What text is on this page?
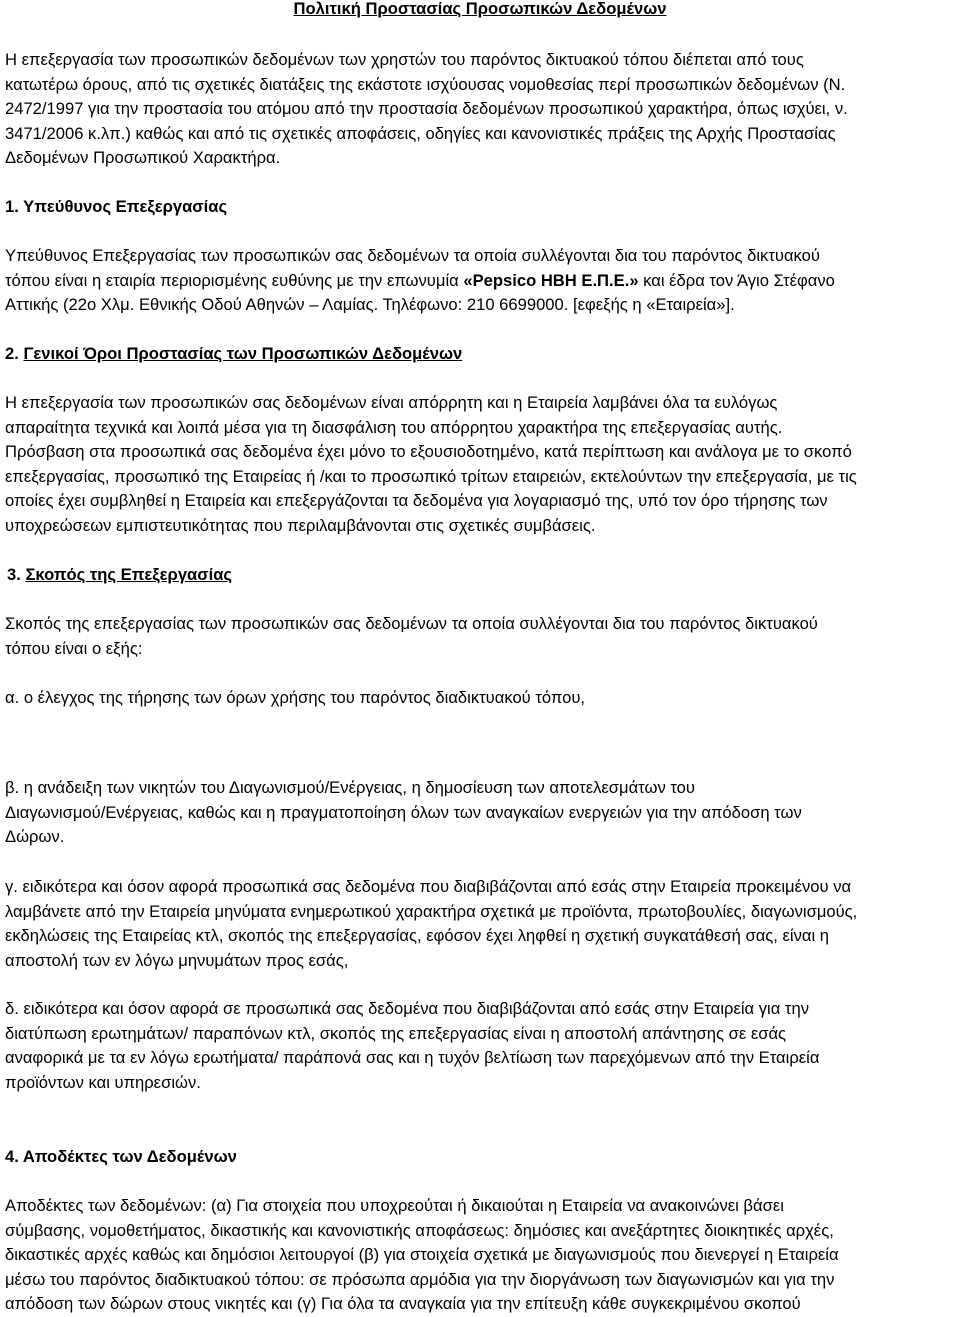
Πολιτική Προστασίας Προσωπικών Δεδομένων

Η επεξεργασία των προσωπικών δεδομένων των χρηστών του παρόντος δικτυακού τόπου διέπεται από τους
κατωτέρω όρους, από τις σχετικές διατάξεις της εκάστοτε ισχύουσας νομοθεσίας περί προσωπικών δεδομένων (Ν.
2472/1997 για την προστασία του ατόμου από την προστασία δεδομένων προσωπικού χαρακτήρα, όπως ισχύει, ν.
3471/2006 κ.λπ.) καθώς και από τις σχετικές αποφάσεις, οδηγίες και κανονιστικές πράξεις της Αρχής Προστασίας
Δεδομένων Προσωπικού Χαρακτήρα.

1. Υπεύθυνος Επεξεργασίας

Υπεύθυνος Επεξεργασίας των προσωπικών σας δεδομένων τα οποία συλλέγονται δια του παρόντος δικτυακού
τόπου είναι η εταιρία περιορισμένης ευθύνης με την επωνυμία «Pepsico HBH Ε.Π.Ε.» και έδρα τον Άγιο Στέφανο
Αττικής (22ο Χλμ. Εθνικής Οδού Αθηνών – Λαμίας. Τηλέφωνο: 210 6699000. [εφεξής η «Εταιρεία»].

2. Γενικοί Όροι Προστασίας των Προσωπικών Δεδομένων

Η επεξεργασία των προσωπικών σας δεδομένων είναι απόρρητη και η Εταιρεία λαμβάνει όλα τα ευλόγως
απαραίτητα τεχνικά και λοιπά μέσα για τη διασφάλιση του απόρρητου χαρακτήρα της επεξεργασίας αυτής.
Πρόσβαση στα προσωπικά σας δεδομένα έχει μόνο το εξουσιοδοτημένο, κατά περίπτωση και ανάλογα με το σκοπό
επεξεργασίας, προσωπικό της Εταιρείας ή /και το προσωπικό τρίτων εταιρειών, εκτελούντων την επεξεργασία, με τις
οποίες έχει συμβληθεί η Εταιρεία και επεξεργάζονται τα δεδομένα για λογαριασμό της, υπό τον όρο τήρησης των
υποχρεώσεων εμπιστευτικότητας που περιλαμβάνονται στις σχετικές συμβάσεις.

3. Σκοπός της Επεξεργασίας

Σκοπός της επεξεργασίας των προσωπικών σας δεδομένων τα οποία συλλέγονται δια του παρόντος δικτυακού
τόπου είναι ο εξής:

α. ο έλεγχος της τήρησης των όρων χρήσης του παρόντος διαδικτυακού τόπου,

β. η ανάδειξη των νικητών του Διαγωνισμού/Ενέργειας, η δημοσίευση των αποτελεσμάτων του
Διαγωνισμού/Ενέργειας, καθώς και η πραγματοποίηση όλων των αναγκαίων ενεργειών για την απόδοση των
Δώρων.

γ. ειδικότερα και όσον αφορά προσωπικά σας δεδομένα που διαβιβάζονται από εσάς στην Εταιρεία προκειμένου να
λαμβάνετε από την Εταιρεία μηνύματα ενημερωτικού χαρακτήρα σχετικά με προϊόντα, πρωτοβουλίες, διαγωνισμούς,
εκδηλώσεις της Εταιρείας κτλ, σκοπός της επεξεργασίας, εφόσον έχει ληφθεί η σχετική συγκατάθεσή σας, είναι η
αποστολή των εν λόγω μηνυμάτων προς εσάς,

δ. ειδικότερα και όσον αφορά σε προσωπικά σας δεδομένα που διαβιβάζονται από εσάς στην Εταιρεία για την
διατύπωση ερωτημάτων/ παραπόνων κτλ, σκοπός της επεξεργασίας είναι η αποστολή απάντησης σε εσάς
αναφορικά με τα εν λόγω ερωτήματα/ παράπονά σας και η τυχόν βελτίωση των παρεχόμενων από την Εταιρεία
προϊόντων και υπηρεσιών.

4. Αποδέκτες των Δεδομένων

Αποδέκτες των δεδομένων: (α) Για στοιχεία που υποχρεούται ή δικαιούται η Εταιρεία να ανακοινώνει βάσει
σύμβασης, νομοθετήματος, δικαστικής και κανονιστικής αποφάσεως: δημόσιες και ανεξάρτητες διοικητικές αρχές,
δικαστικές αρχές καθώς και δημόσιοι λειτουργοί (β) για στοιχεία σχετικά με διαγωνισμούς που διενεργεί η Εταιρεία
μέσω του παρόντος διαδικτυακού τόπου: σε πρόσωπα αρμόδια για την διοργάνωση των διαγωνισμών και για την
απόδοση των δώρων στους νικητές και (γ) Για όλα τα αναγκαία για την επίτευξη κάθε συγκεκριμένου σκοπού
